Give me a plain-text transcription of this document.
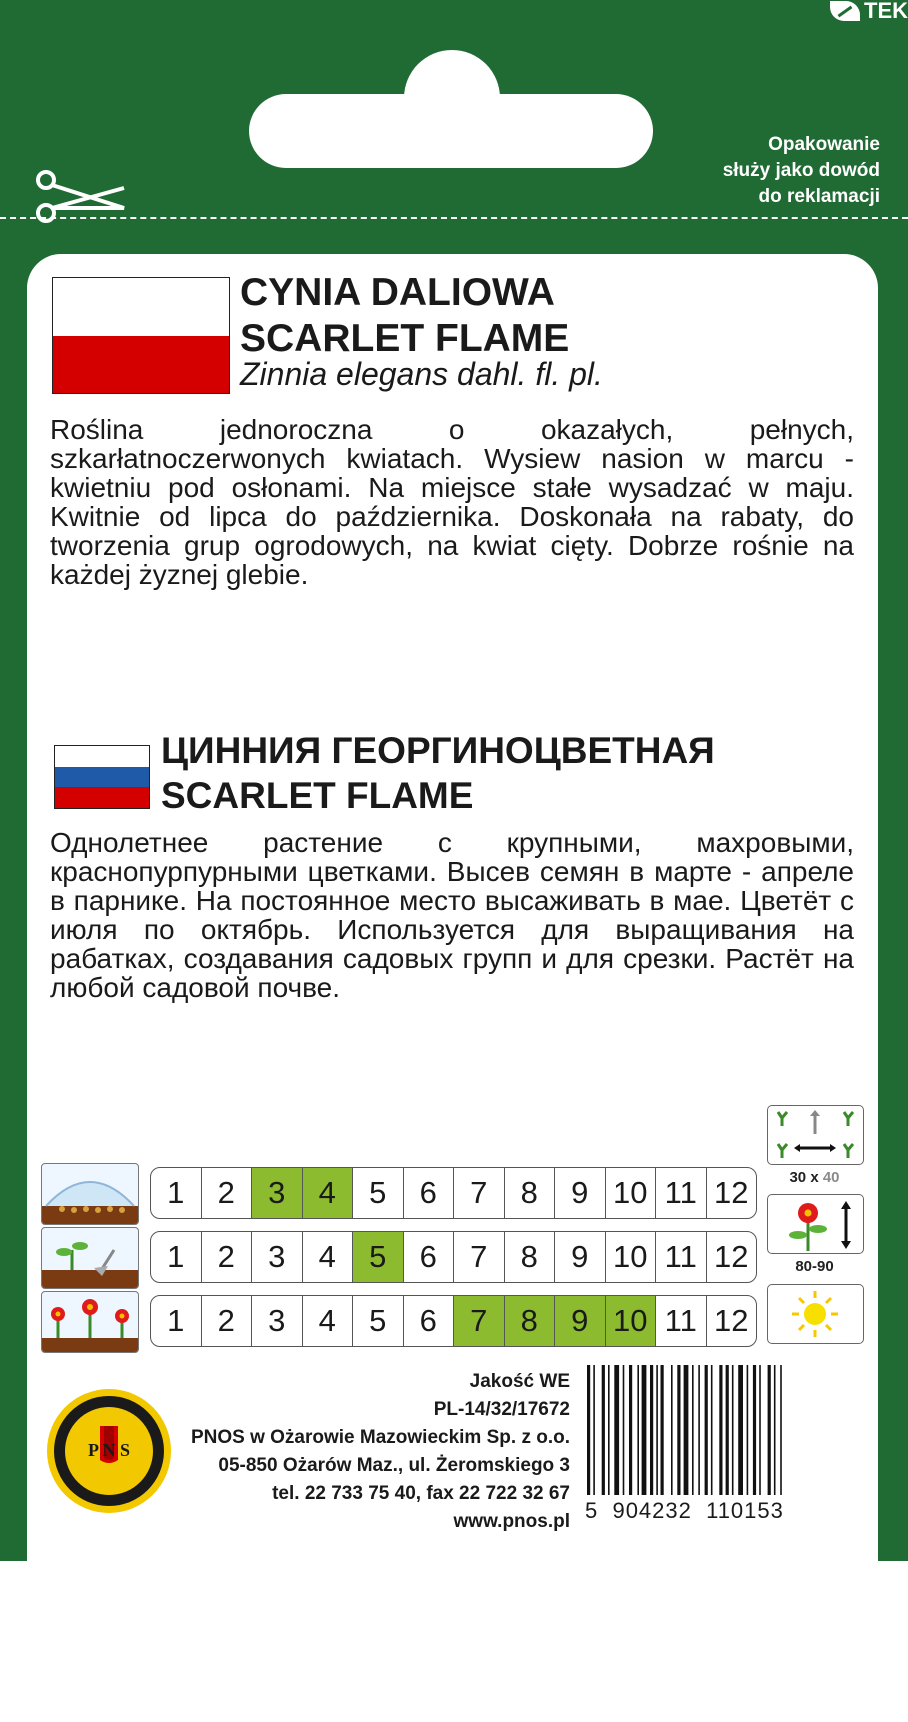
TEK
Opakowanie
służy jako dowód
do reklamacji
CYNIA DALIOWA
SCARLET FLAME
Zinnia elegans dahl. fl. pl.
Roślina jednoroczna o okazałych, pełnych, szkarłatnoczerwonych kwiatach. Wysiew nasion w marcu - kwietniu pod osłonami. Na miejsce stałe wysadzać w maju. Kwitnie od lipca do października. Doskonała na rabaty, do tworzenia grup ogrodowych, na kwiat cięty. Dobrze rośnie na każdej żyznej glebie.
ЦИННИЯ ГЕОРГИНОЦВЕТНАЯ
SCARLET FLAME
Однолетнее растение с крупными, махровыми, краснопурпурными цветками. Высев семян в марте - апреле в парнике. На постоянное место высаживать в мае. Цветёт с июля по октябрь. Используется для выращивания на рабатках, создавания садовых групп и для срезки. Растёт на любой садовой почве.
1	2	3	4	5	6	7	8	9 10 11 12
1	2	3	4	5	6	7	8	9 10 11 12
1	2	3	4	5	6	7	8	9 10 11 12
30 x 40
80-90
P N S
Jakość WE
PL-14/32/17672
PNOS w Ożarowie Mazowieckim Sp. z o.o.
05-850 Ożarów Maz., ul. Żeromskiego 3
tel. 22 733 75 40, fax 22 722 32 67
www.pnos.pl 5  904232  110153
